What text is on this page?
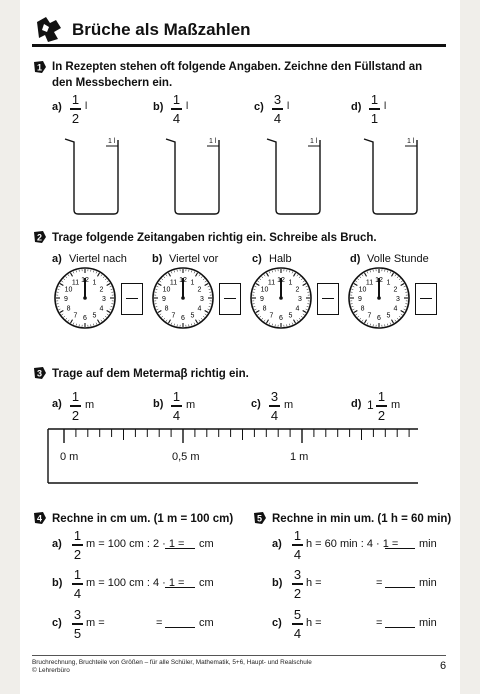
Brüche als Maßzahlen
1 In Rezepten stehen oft folgende Angaben. Zeichne den Füllstand an den Messbechern ein.
2 Trage folgende Zeitangaben richtig ein. Schreibe als Bruch.
3 Trage auf dem Metermaβ richtig ein.
0 m	0,5 m	1 m
4 Rechne in cm um. (1 m = 100 cm)	5 Rechne in min um. (1 h = 60 min)
Bruchrechnung, Bruchteile von Größen – für alle Schüler, Mathematik, 5+6, Haupt- und Realschule
© Lehrerbüro	6
a) 1
2
l
1 l
b) 1
4
l
1 l
c) 3
4
l
1 l
d) 1
1
l
1 l
a) Viertel nach
12 1
2
3
4
5
6
7
8
9
10
11
b) Viertel vor
12 1
2
3
4
5
6
7
8
9
10
11
c) Halb
12 1
2
3
4
5
6
7
8
9
10
11
d) Volle Stunde
12 1
2
3
4
5
6
7
8
9
10
11
a) 1
2
m	b) 1
4
m	c) 3
4
m	d) 1
1
2
m
a)
1
2
m = 100 cm : 2 · 1 = cm
b)
1
4
m = 100 cm : 4 · 1 = cm
c)
3
5
m =	=	cm
a)
1
4
h = 60 min : 4 · 1 = min
b)
3
2
h =	=	min
c)
5
4
h =	=	min
